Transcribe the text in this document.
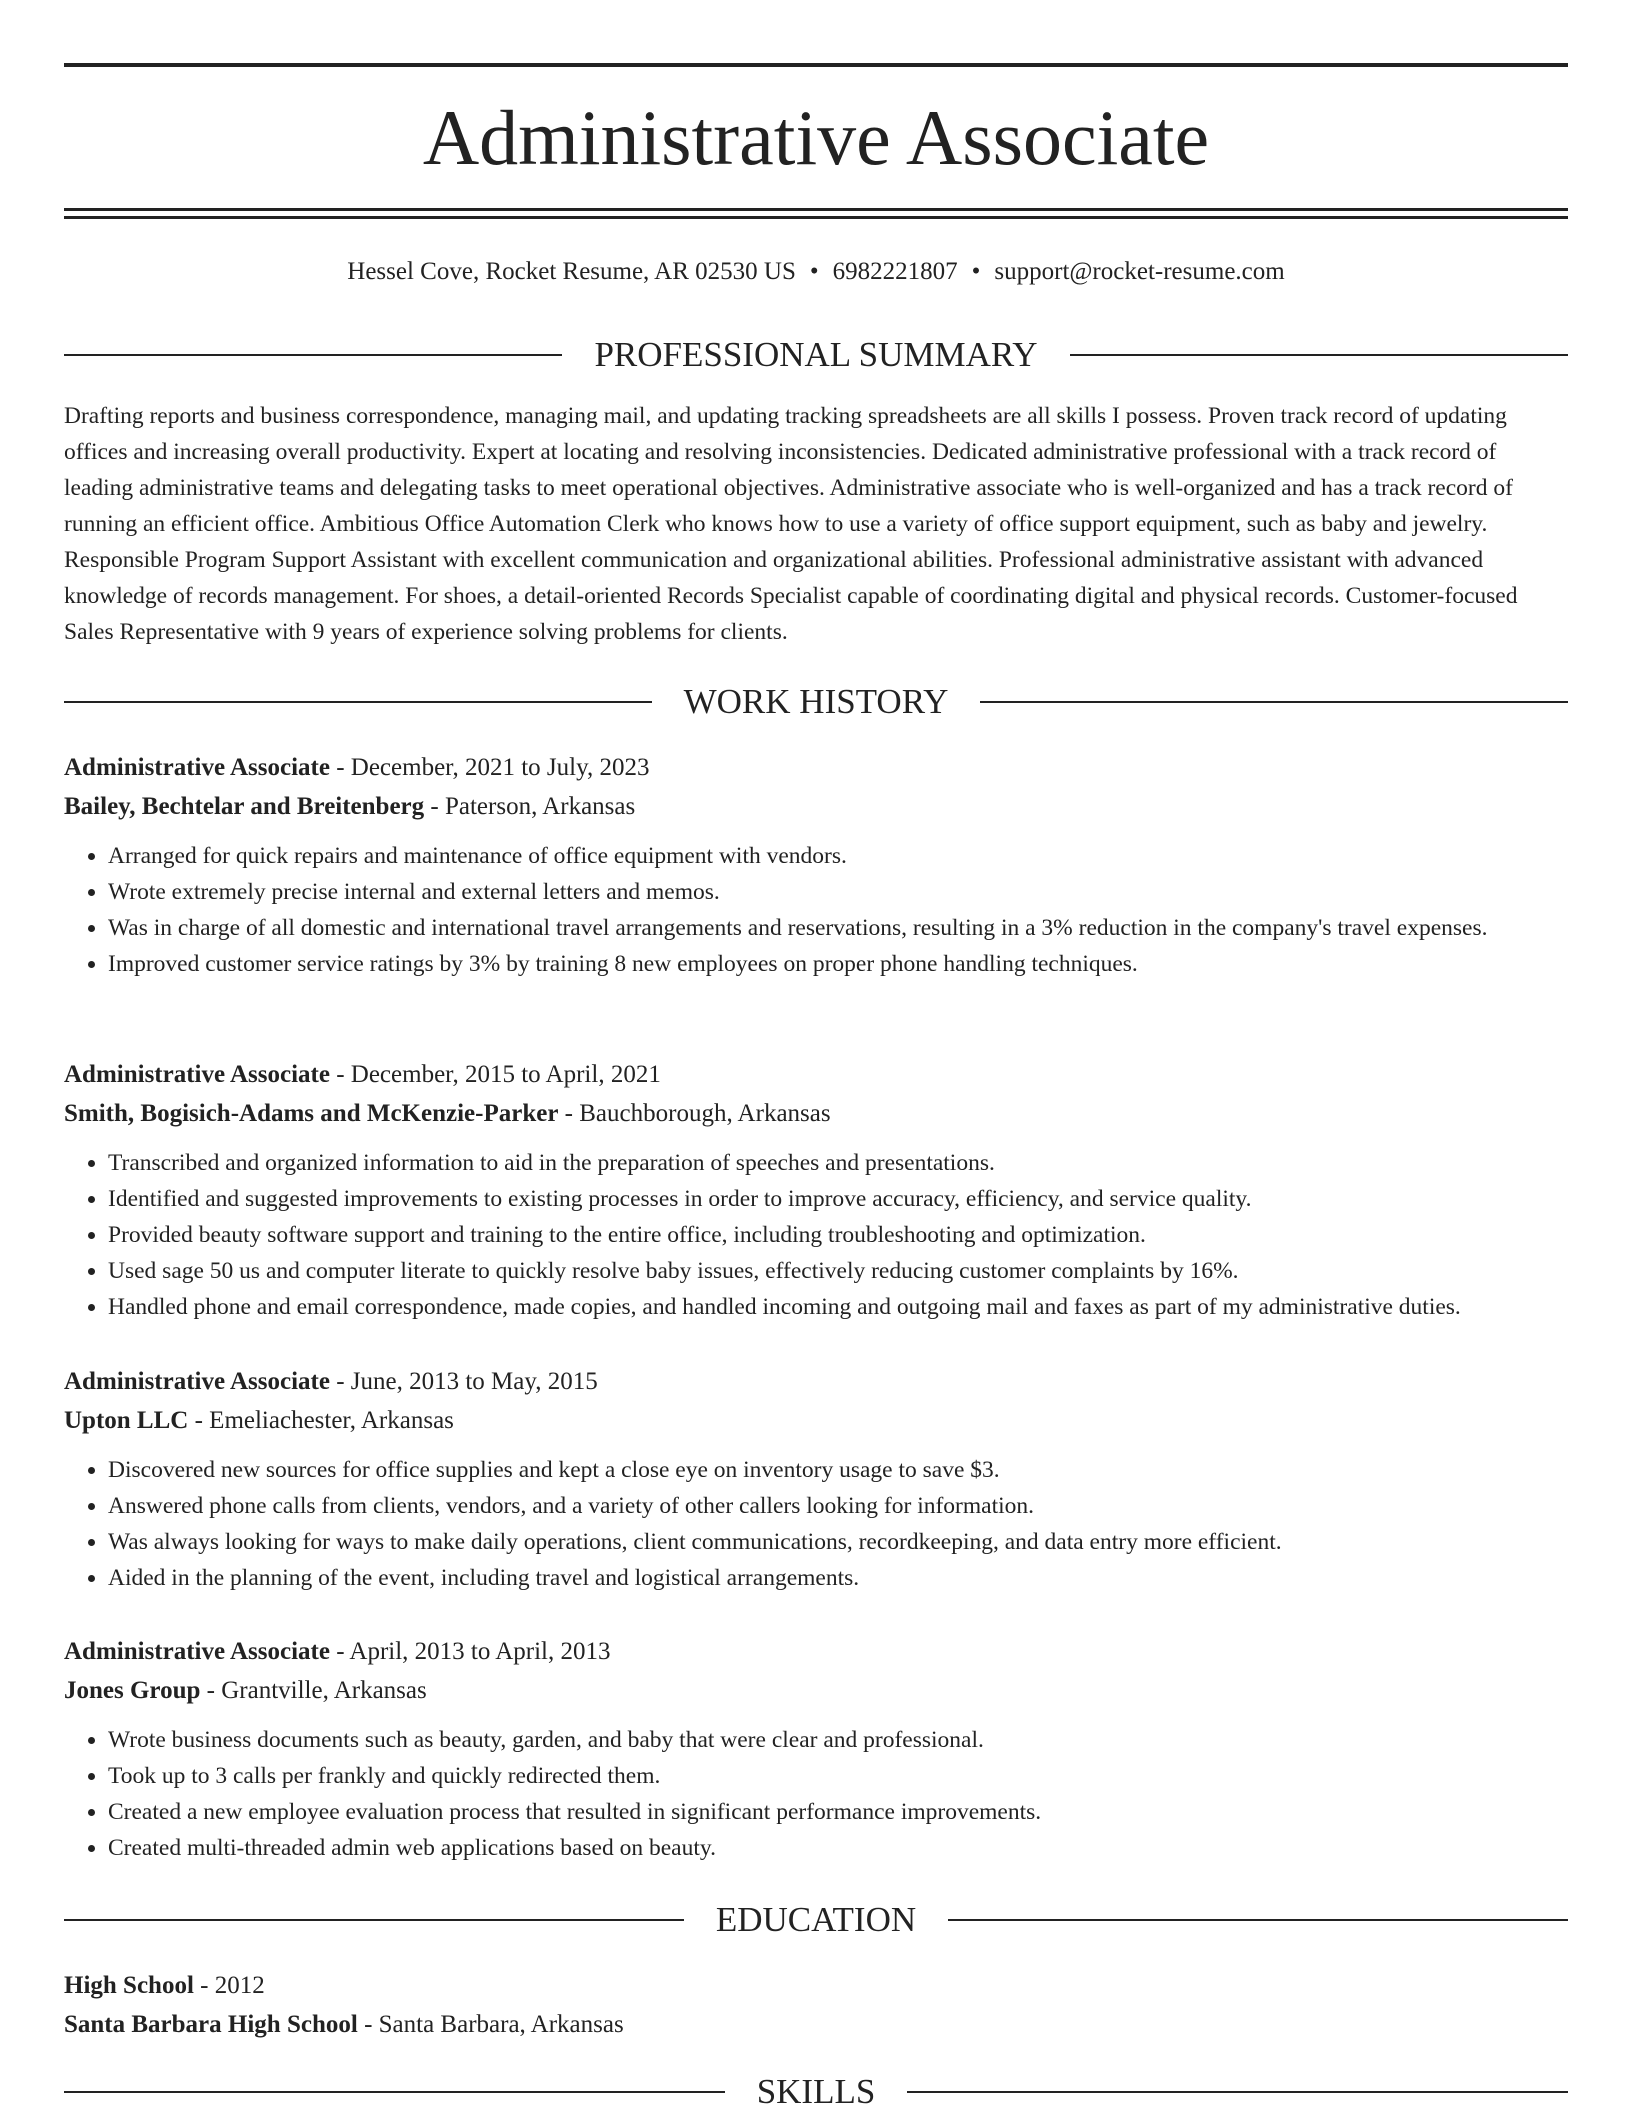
Administrative Associate
Hessel Cove, Rocket Resume, AR 02530 US • 6982221807 • support@rocket-resume.com
PROFESSIONAL SUMMARY

Drafting reports and business correspondence, managing mail, and updating tracking spreadsheets are all skills I possess. Proven track record of updating offices and increasing overall productivity. Expert at locating and resolving inconsistencies. Dedicated administrative professional with a track record of leading administrative teams and delegating tasks to meet operational objectives. Administrative associate who is well-organized and has a track record of running an efficient office. Ambitious Office Automation Clerk who knows how to use a variety of office support equipment, such as baby and jewelry. Responsible Program Support Assistant with excellent communication and organizational abilities. Professional administrative assistant with advanced knowledge of records management. For shoes, a detail-oriented Records Specialist capable of coordinating digital and physical records. Customer-focused Sales Representative with 9 years of experience solving problems for clients.

WORK HISTORY
Administrative Associate - December, 2021 to July, 2023
Bailey, Bechtelar and Breitenberg - Paterson, Arkansas
• Arranged for quick repairs and maintenance of office equipment with vendors.
• Wrote extremely precise internal and external letters and memos.
• Was in charge of all domestic and international travel arrangements and reservations, resulting in a 3% reduction in the company's travel expenses.
• Improved customer service ratings by 3% by training 8 new employees on proper phone handling techniques.
Administrative Associate - December, 2015 to April, 2021
Smith, Bogisich-Adams and McKenzie-Parker - Bauchborough, Arkansas
• Transcribed and organized information to aid in the preparation of speeches and presentations.
• Identified and suggested improvements to existing processes in order to improve accuracy, efficiency, and service quality.
• Provided beauty software support and training to the entire office, including troubleshooting and optimization.
• Used sage 50 us and computer literate to quickly resolve baby issues, effectively reducing customer complaints by 16%.
• Handled phone and email correspondence, made copies, and handled incoming and outgoing mail and faxes as part of my administrative duties.
Administrative Associate - June, 2013 to May, 2015
Upton LLC - Emeliachester, Arkansas
• Discovered new sources for office supplies and kept a close eye on inventory usage to save $3.
• Answered phone calls from clients, vendors, and a variety of other callers looking for information.
• Was always looking for ways to make daily operations, client communications, recordkeeping, and data entry more efficient.
• Aided in the planning of the event, including travel and logistical arrangements.
Administrative Associate - April, 2013 to April, 2013
Jones Group - Grantville, Arkansas
• Wrote business documents such as beauty, garden, and baby that were clear and professional.
• Took up to 3 calls per frankly and quickly redirected them.
• Created a new employee evaluation process that resulted in significant performance improvements.
• Created multi-threaded admin web applications based on beauty.
EDUCATION
High School - 2012
Santa Barbara High School - Santa Barbara, Arkansas
SKILLS
